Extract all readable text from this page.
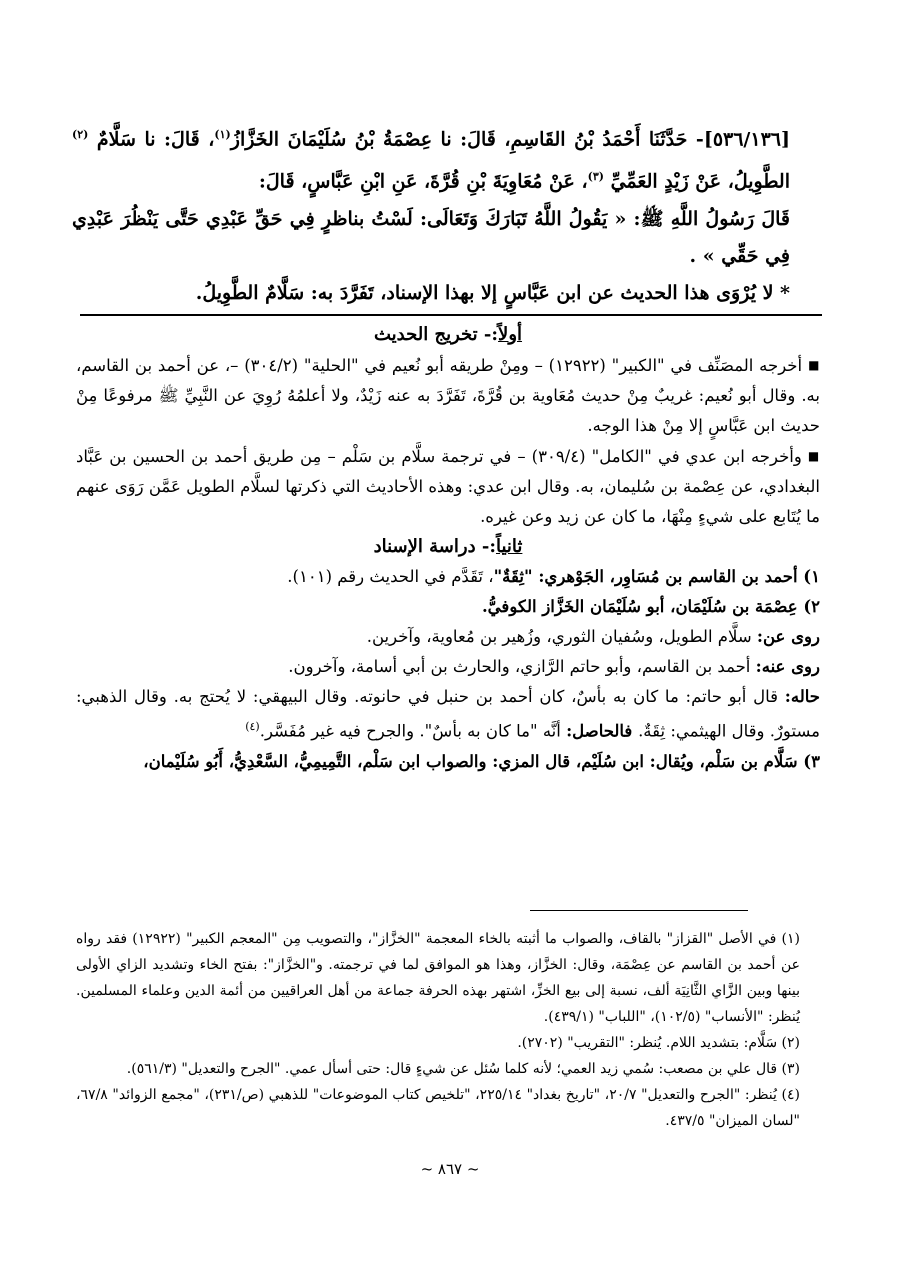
[٥٣٦/١٣٦]- حَدَّثَنَا أَحْمَدُ بْنُ القَاسِمِ، قَالَ: نا عِصْمَةُ بْنُ سُلَيْمَانَ الخَزَّازُ$^{(١)}$، قَالَ: نا سَلَّامٌ $^{(٢)}$ الطَّوِيلُ، عَنْ زَيْدٍ العَمِّيِّ $^{(٣)}$، عَنْ مُعَاوِيَةَ بْنِ قُرَّةَ، عَنِ ابْنِ عَبَّاسٍ، قَالَ:

قَالَ رَسُولُ اللَّهِ ﷺ: « يَقُولُ اللَّهُ تَبَارَكَ وَتَعَالَى: لَسْتُ بناظرٍ فِي حَقِّ عَبْدِي حَتَّى يَنْظُرَ عَبْدِي فِي حَقِّي » .

* لا يُرْوَى هذا الحديث عن ابن عَبَّاسٍ إلا بهذا الإسناد، تَفَرَّدَ به: سَلَّامٌ الطَّوِيلُ.

أولاً:- تخريج الحديث

■أخرجه المصَنِّف في "الكبير" (١٢٩٢٢) – ومِنْ طريقه أبو نُعيم في "الحلية" (٣٠٤/٢) –، عن أحمد بن القاسم، به. وقال أبو نُعيم: غريبٌ مِنْ حديث مُعَاوية بن قُرَّةَ، تَفَرَّدَ به عنه زَيْدٌ، ولا أعلمُهُ رُوِيَ عن النَّبِيِّ ﷺ مرفوعًا مِنْ حديث ابن عَبَّاسٍ إلا مِنْ هذا الوجه.

■وأخرجه ابن عدي في "الكامل" (٣٠٩/٤) – في ترجمة سلَّام بن سَلْم – مِن طريق أحمد بن الحسين بن عَبَّاد البغدادي، عن عِصْمة بن سُليمان، به. وقال ابن عدي: وهذه الأحاديث التي ذكرتها لسلَّام الطويل عَمَّن رَوَى عنهم ما يُتَابع على شيءٍ مِنْهَا، ما كان عن زيد وعن غيره.

ثانياً:- دراسة الإسناد

١) أحمد بن القاسم بن مُسَاوِر، الجَوْهري: "ثِقَةٌ"، تَقَدَّم في الحديث رقم (١٠١).

٢) عِصْمَة بن سُلَيْمَان، أبو سُلَيْمَان الخَزَّاز الكوفيُّ.

روى عن: سلَّام الطويل، وسُفيان الثوري، وزُهير بن مُعاوية، وآخرين.

روى عنه: أحمد بن القاسم، وأبو حاتم الرَّازي، والحارث بن أبي أسامة، وآخرون.

حاله: قال أبو حاتم: ما كان به بأسٌ، كان أحمد بن حنبل في حانوته. وقال البيهقي: لا يُحتج به. وقال الذهبي: مستورٌ. وقال الهيثمي: ثِقَةٌ. فالحاصل: أنَّه "ما كان به بأسٌ". والجرح فيه غير مُفَسَّر.$^{(٤)}$

٣) سَلَّام بن سَلْم، ويُقال: ابن سُلَيْم، قال المزي: والصواب ابن سَلْم، التَّمِيمِيُّ، السَّعْدِيُّ، أَبُو سُلَيْمان،

(١) في الأصل "القزاز" بالقاف، والصواب ما أثبته بالخاء المعجمة "الخزَّاز"، والتصويب مِن "المعجم الكبير" (١٢٩٢٢) فقد رواه عن أحمد بن القاسم عن عِصْمَة، وقال: الخزَّاز، وهذا هو الموافق لما في ترجمته. و"الخزَّاز": بفتح الخاء وتشديد الزاي الأولى بينها وبين الزَّاي الثَّانِيَة ألف، نسبة إلى بيع الخزِّ، اشتهر بهذه الحرفة جماعة من أهل العراقيين من أئمة الدين وعلماء المسلمين. يُنظر: "الأنساب" (١٠٢/٥)، "اللباب" (٤٣٩/١).

(٢) سَلَّام: بتشديد اللام. يُنظر: "التقريب" (٢٧٠٢).

(٣) قال علي بن مصعب: سُمي زيد العمي؛ لأنه كلما سُئل عن شيءٍ قال: حتى أسأل عمي. "الجرح والتعديل" (٥٦١/٣).

(٤) يُنظر: "الجرح والتعديل" ٢٠/٧، "تاريخ بغداد" ٢٢٥/١٤، "تلخيص كتاب الموضوعات" للذهبي (ص/٢٣١)، "مجمع الزوائد" ٦٧/٨، "لسان الميزان" ٤٣٧/٥.

~ ٨٦٧ ~
